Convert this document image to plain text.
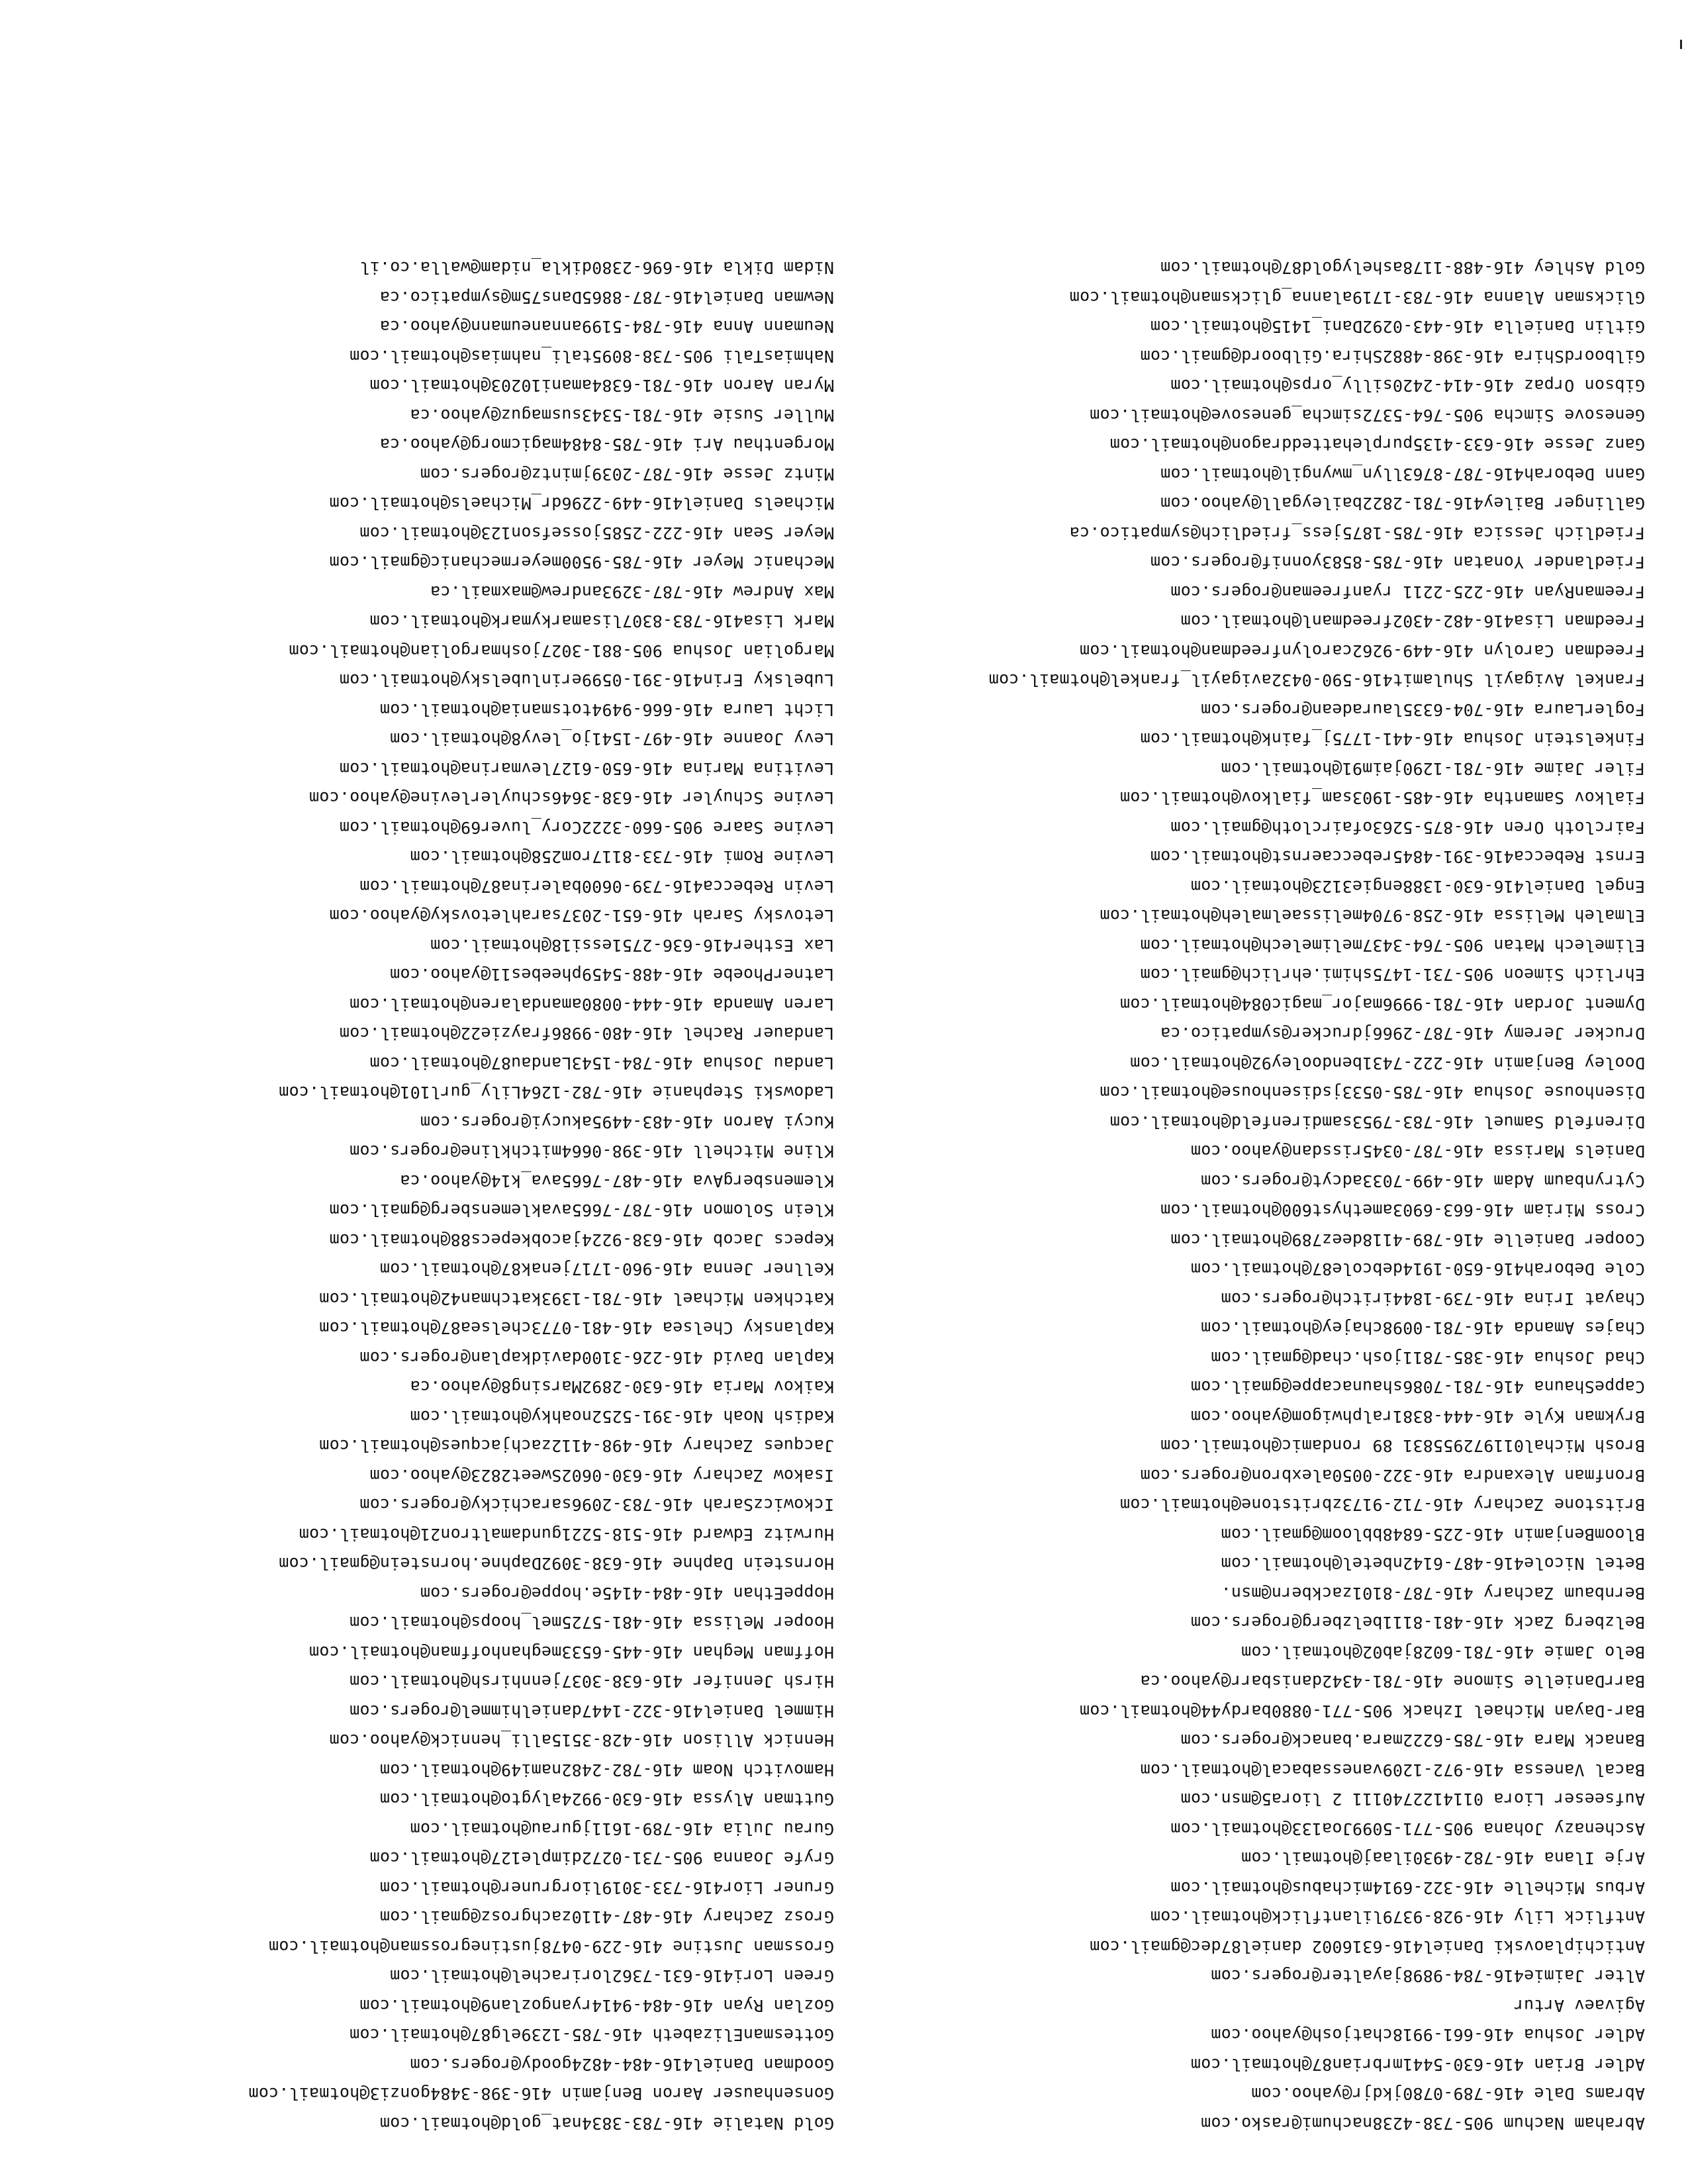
Abraham Nachum 905-738-4238nachumi@rasko.com
Abrams Dale 416-789-0780jkdjr@yahoo.com
Adler Brian 416-630-5441mrbrian87@hotmail.com
Adler Joshua 416-661-9918chatjosh@yahoo.com
Agivaev Artur
Alter Jaimie416-784-9898jayalter@rogers.com
Antichiplaovski Daniel416-6316002 daniel87dec@gmail.com
Antflick Lily 416-928-9379lilantflick@hotmail.com
Arbus Michelle 416-322-6914michabus@hotmail.com
Arje Ilana 416-782-4930ilaaj@hotmail.com
Aschenazy Johana 905-771-5099Joa133@hotmail.com
Aufseeser Liora 0114122740111 2 liora5@msn.com
Bacal Vanessa 416-972-1209vanessabacal@hotmail.com
Banack Mara 416-785-6222mara.banack@rogers.com
Bar-Dayan Michael Izhack 905-771-0880bardy44@hotmail.com
BarrDanielle Simone 416-781-4342danisbarr@yahoo.ca
Belo Jamie 416-781-6028jab02@hotmail.com
Belzberg Zack 416-481-8111belzberg@rogers.com
Bernbaum Zachary 416-787-8101zackbern@msn.
Betel Nicole416-487-6142nbetel@hotmail.com
BloomBenjamin 416-225-6848bbloom@gmail.com
Britstone Zachary 416-712-9173zbritstone@hotmail.com
Bronfman Alexandra 416-322-0050alexbron@rogers.com
Brosh Michal011972955831 89 rondamic@hotmail.com
Brykman Kyle 416-444-8381ralphwigom@yahoo.com
CappeShauna 416-781-7086shaunacappe@gmail.com
Chad Joshua 416-385-7811josh.chad@gmail.com
Chajes Amanda 416-781-0098chajey@hotmail.com
Chayat Irina 416-739-1844iritch@rogers.com
Cole Deborah416-650-1914debcole87@hotmail.com
Cooper Danielle 416-789-4118deez789@hotmail.com
Cross Miriam 416-663-6903amethyst600@hotmail.com
Cytrynbaum Adam 416-499-7033adcyt@rogers.com
Daniels Marissa 416-787-0345rissdan@yahoo.com
Direnfeld Samuel 416-783-7953samdirenfeld@hotmail.com
Disenhouse Joshua 416-785-0533jsdisenhouse@hotmail.com
Dooley Benjamin 416-222-7431bendooley92@hotmail.com
Drucker Jeremy 416-787-2966jdrucker@sympatico.ca
Dyment Jordan 416-781-9996major_magic084@hotmail.com
Ehrlich Simeon 905-731-1475shimi.ehrlich@gmail.com
Elimelech Matan 905-764-3437melimelech@hotmail.com
Elmaleh Melissa 416-258-9704melissaelmaleh@hotmail.com
Engel Daniel416-630-1388engie3123@hotmail.com
Ernst Rebecca416-391-4845rebeccaernst@hotmail.com
Faircloth Oren 416-875-5263ofaircloth@gmail.com
Fialkov Samantha 416-485-1903sam_fialkov@hotmail.com
Filer Jaime 416-781-1290jaim91@hotmail.com
Finkelstein Joshua 416-441-1775j_faink@hotmail.com
FoglerLaura 416-704-6335lauradean@rogers.com
Frankel Avigayil Shulamit416-590-0432avigayil_frankel@hotmail.com
Freedman Carolyn 416-449-9262carolynfreedman@hotmail.com
Freedman Lisa416-482-4302freedmanl@hotmail.com
FreemanRyan 416-225-2211 ryanfreeman@rogers.com
Friedlander Yonatan 416-785-8583yonnif@rogers.com
Friedlich Jessica 416-785-1875jess_friedlich@sympatico.ca
Gallinger Bailey416-781-2822baileygall@yahoo.com
Gann Deborah416-787-8763llyn_mwyngil@hotmail.com
Ganz Jesse 416-633-4135purplehatteddragon@hotmail.com
Genesove Simcha 905-764-5372simcha_genesove@hotmail.com
Gibson Orpaz 416-414-2420silly_orps@hotmail.com
GilboordShira 416-398-4882Shira.Gilboord@gmail.com
Gitlin Daniella 416-443-0292Dani_1415@hotmail.com
Glicksman Alanna 416-783-1719alanna_glicksman@hotmail.com
Gold Ashley 416-488-1178ashelygold87@hotmail.com
Gold Natalie 416-783-3834nat_gold@hotmail.com
Gonsenhauser Aaron Benjamin 416-398-3484gonzi3@hotmail.com
Goodman Daniel416-484-4824goody@rogers.com
GottesmanElizabeth 416-785-1239elg87@hotmail.com
Gozlan Ryan 416-484-9414ryangozlan9@hotmail.com
Green Lori416-631-7362lorirachel@hotmail.com
Grossman Justine 416-229-0478justinegrossman@hotmail.com
Grosz Zachary 416-487-4110zachgrosz@gmail.com
Gruner Lior416-733-3019liorgruner@hotmail.com
Gryfe Joanna 905-731-0272dimple127@hotmail.com
Gurau Julia 416-789-1611jgurau@hotmail.com
Guttman Alyssa 416-630-9924alygto@hotmail.com
Hamovitch Noam 416-782-2482nami49@hotmail.com
Hennick Allison 416-428-3515alli_hennick@yahoo.com
Himmel Daniel416-322-1447danielhimmel@rogers.com
Hirsh Jennifer 416-638-3037jennhirsh@hotmail.com
Hoffman Meghan 416-445-6533meghanhoffman@hotmail.com
Hooper Melissa 416-481-5725mel_hoops@hotmail.com
HoppeEthan 416-484-4145e.hoppe@rogers.com
Hornstein Daphne 416-638-3092Daphne.hornstein@gmail.com
Hurwitz Edward 416-518-5221gundamaltron21@hotmail.com
IckowiczSarah 416-783-2096sarachicky@rogers.com
Isakow Zachary 416-630-0602Sweet2823@yahoo.com
Jacques Zachary 416-498-4112zachjacques@hotmail.com
Kadish Noah 416-391-5252noahky@hotmail.com
Kaikov Maria 416-630-2892Marsing8@yahoo.ca
Kaplan David 416-226-3100davidkaplan@rogers.com
Kaplansky Chelsea 416-481-0773chelsea87@hotmail.com
Katchken Michael 416-781-1393katchman42@hotmail.com
Kellner Jenna 416-960-1717jenak87@hotmail.com
Kepecs Jacob 416-638-9224jacobkepecs88@hotmail.com
Klein Solomon 416-787-7665avaklemensberg@gmail.com
KlemensbergAva 416-487-7665ava_k14@yahoo.ca
Kline Mitchell 416-398-0664mitchkline@rogers.com
Kucyi Aaron 416-483-4495akucyi@rogers.com
Ladowski Stephanie 416-782-1264Lily_gurl101@hotmail.com
Landau Joshua 416-784-1543Landau87@hotmail.com
Landauer Rachel 416-480-9986frayzie22@hotmail.com
Laren Amanda 416-444-0080amandalaren@hotmail.com
LatnerPhoebe 416-488-5459pheebes11@yahoo.com
Lax Esther416-636-2751essi18@hotmail.com
Letovsky Sarah 416-651-2037sarahletovsky@yahoo.com
Levin Rebecca416-739-0600balerina87@hotmail.com
Levine Romi 416-733-8117rom258@hotmail.com
Levine Saare 905-660-3222Cory_luver69@hotmail.com
Levine Schuyler 416-638-3646schuylerlevine@yahoo.com
Levitina Marina 416-650-6127levmarina@hotmail.com
Levy Joanne 416-497-1541jo_levy8@hotmail.com
Licht Laura 416-666-9494totsmania@hotmail.com
Lubelsky Erin416-391-0599erinlubelsky@hotmail.com
Margolian Joshua 905-881-3027joshmargolian@hotmail.com
Mark Lisa416-783-8307lisamarkymark@hotmail.com
Max Andrew 416-787-3293andrew@maxmail.ca
Mechanic Meyer 416-785-9500meyermechanic@gmail.com
Meyer Sean 416-222-2585jossefson123@hotmail.com
Michaels Daniel416-449-2296dr_Michaels@hotmail.com
Mintz Jesse 416-787-2039jmintz@rogers.com
Morgenthau Ari 416-785-8484magicmorg@yahoo.ca
Muller Susie 416-781-5343susmaguz@yahoo.ca
Myran Aaron 416-781-6384amani10203@hotmail.com
NahmiasTali 905-738-8095tali_nahmias@hotmail.com
Neumann Anna 416-784-5199annaneumann@yahoo.ca
Newman Daniel416-787-8865Dans75m@sympatico.ca
Nidam Dikla 416-696-2380dikla_nidam@walla.co.il
